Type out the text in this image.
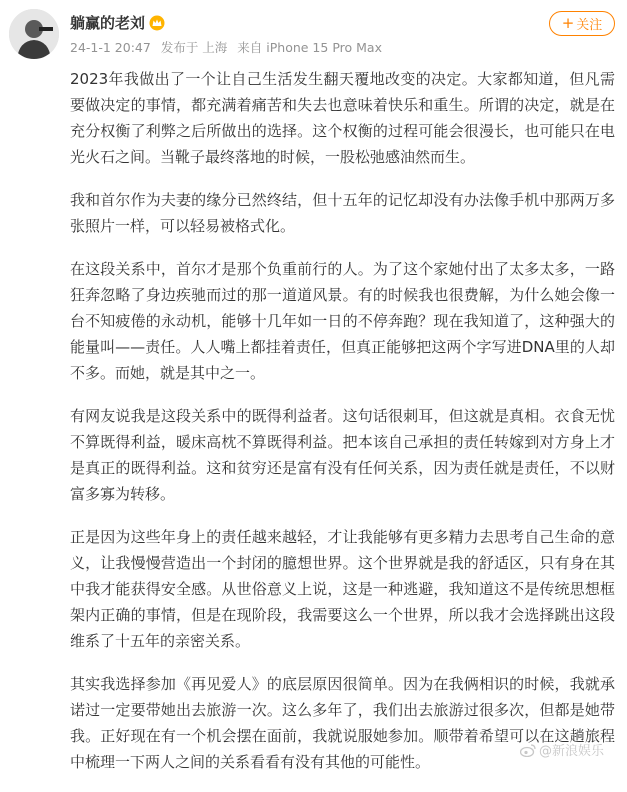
躺赢的老刘
24-1-1 20:47 发布于 上海 来自 iPhone 15 Pro Max
+ 关注

2023年我做出了一个让自己生活发生翻天覆地改变的决定。大家都知道，但凡需要做决定的事情，都充满着痛苦和失去也意味着快乐和重生。所谓的决定，就是在充分权衡了利弊之后所做出的选择。这个权衡的过程可能会很漫长，也可能只在电光火石之间。当靴子最终落地的时候，一股松弛感油然而生。

我和首尔作为夫妻的缘分已然终结，但十五年的记忆却没有办法像手机中那两万多张照片一样，可以轻易被格式化。

在这段关系中，首尔才是那个负重前行的人。为了这个家她付出了太多太多，一路狂奔忽略了身边疾驰而过的那一道道风景。有的时候我也很费解，为什么她会像一台不知疲倦的永动机，能够十几年如一日的不停奔跑？现在我知道了，这种强大的能量叫——责任。人人嘴上都挂着责任，但真正能够把这两个字写进DNA里的人却不多。而她，就是其中之一。

有网友说我是这段关系中的既得利益者。这句话很刺耳，但这就是真相。衣食无忧不算既得利益，暖床高枕不算既得利益。把本该自己承担的责任转嫁到对方身上才是真正的既得利益。这和贫穷还是富有没有任何关系，因为责任就是责任，不以财富多寡为转移。

正是因为这些年身上的责任越来越轻，才让我能够有更多精力去思考自己生命的意义，让我慢慢营造出一个封闭的臆想世界。这个世界就是我的舒适区，只有身在其中我才能获得安全感。从世俗意义上说，这是一种逃避，我知道这不是传统思想框架内正确的事情，但是在现阶段，我需要这么一个世界，所以我才会选择跳出这段维系了十五年的亲密关系。

其实我选择参加《再见爱人》的底层原因很简单。因为在我俩相识的时候，我就承诺过一定要带她出去旅游一次。这么多年了，我们出去旅游过很多次，但都是她带我。正好现在有一个机会摆在面前，我就说服她参加。顺带着希望可以在这趟旅程中梳理一下两人之间的关系看看有没有其他的可能性。

@新浪娱乐
